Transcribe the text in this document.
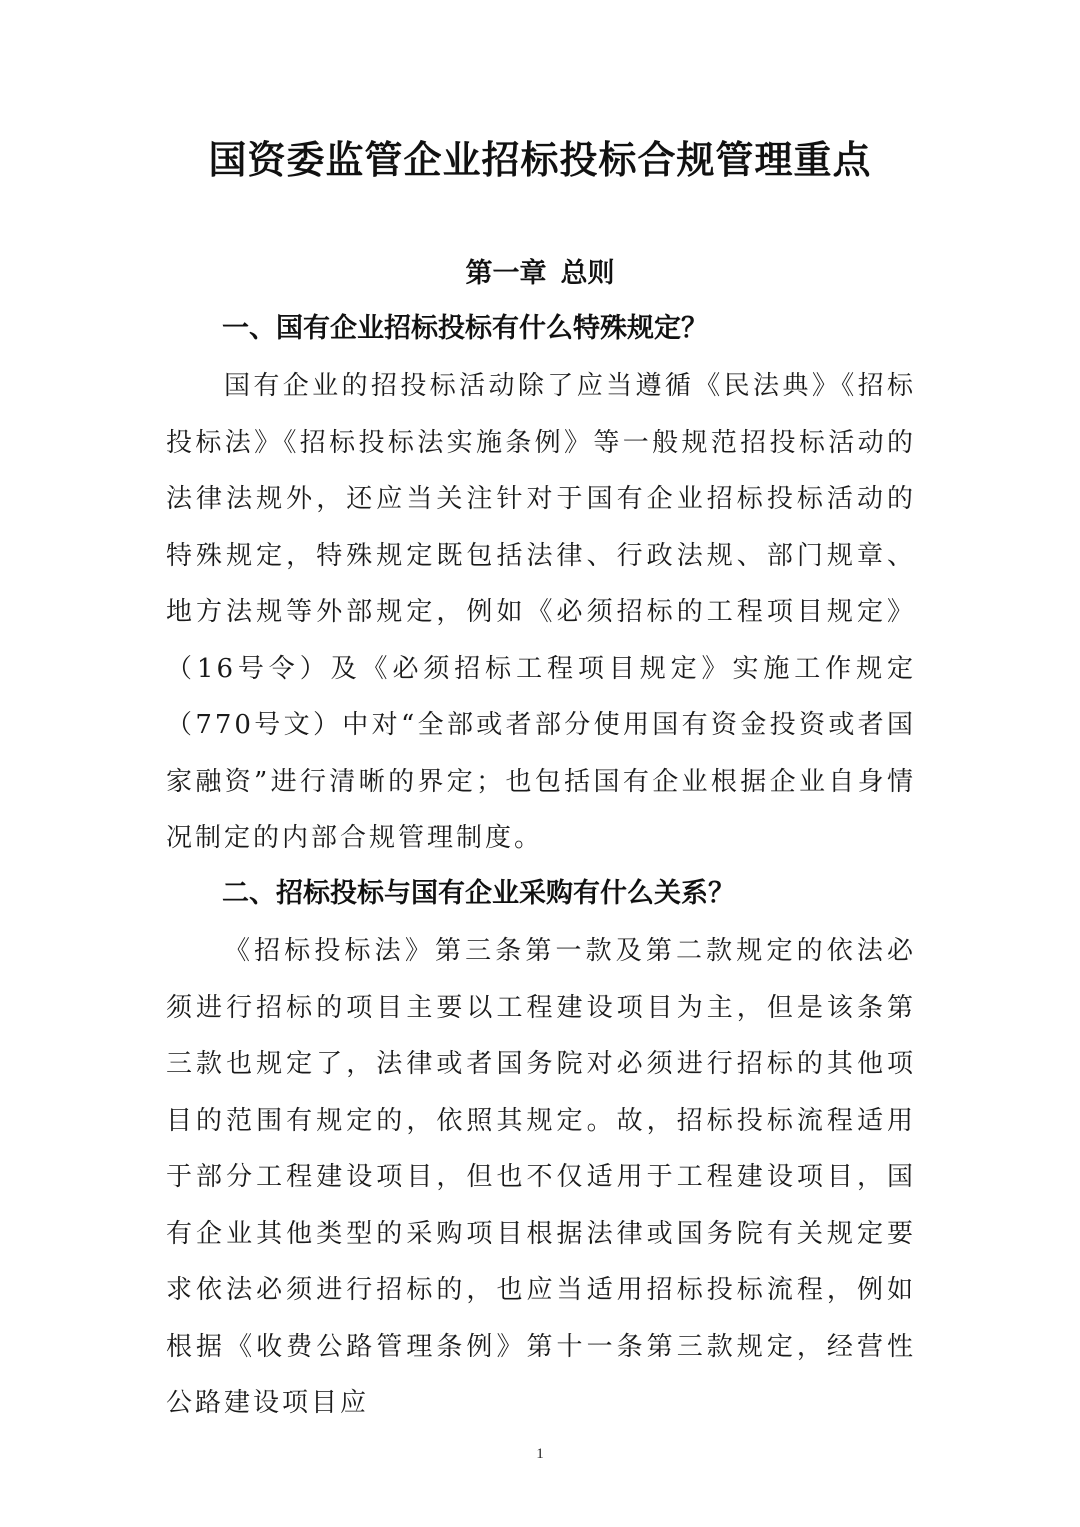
国资委监管企业招标投标合规管理重点
第一章 总则
一、国有企业招标投标有什么特殊规定？

国有企业的招投标活动除了应当遵循《民法典》《招标投标法》《招标投标法实施条例》等一般规范招投标活动的法律法规外，还应当关注针对于国有企业招标投标活动的特殊规定，特殊规定既包括法律、行政法规、部门规章、地方法规等外部规定，例如《必须招标的工程项目规定》（16号令）及《必须招标工程项目规定》实施工作规定（770号文）中对“全部或者部分使用国有资金投资或者国家融资”进行清晰的界定；也包括国有企业根据企业自身情况制定的内部合规管理制度。

二、招标投标与国有企业采购有什么关系？

《招标投标法》第三条第一款及第二款规定的依法必须进行招标的项目主要以工程建设项目为主，但是该条第三款也规定了，法律或者国务院对必须进行招标的其他项目的范围有规定的，依照其规定。故，招标投标流程适用于部分工程建设项目，但也不仅适用于工程建设项目，国有企业其他类型的采购项目根据法律或国务院有关规定要求依法必须进行招标的，也应当适用招标投标流程，例如根据《收费公路管理条例》第十一条第三款规定，经营性公路建设项目应

1
